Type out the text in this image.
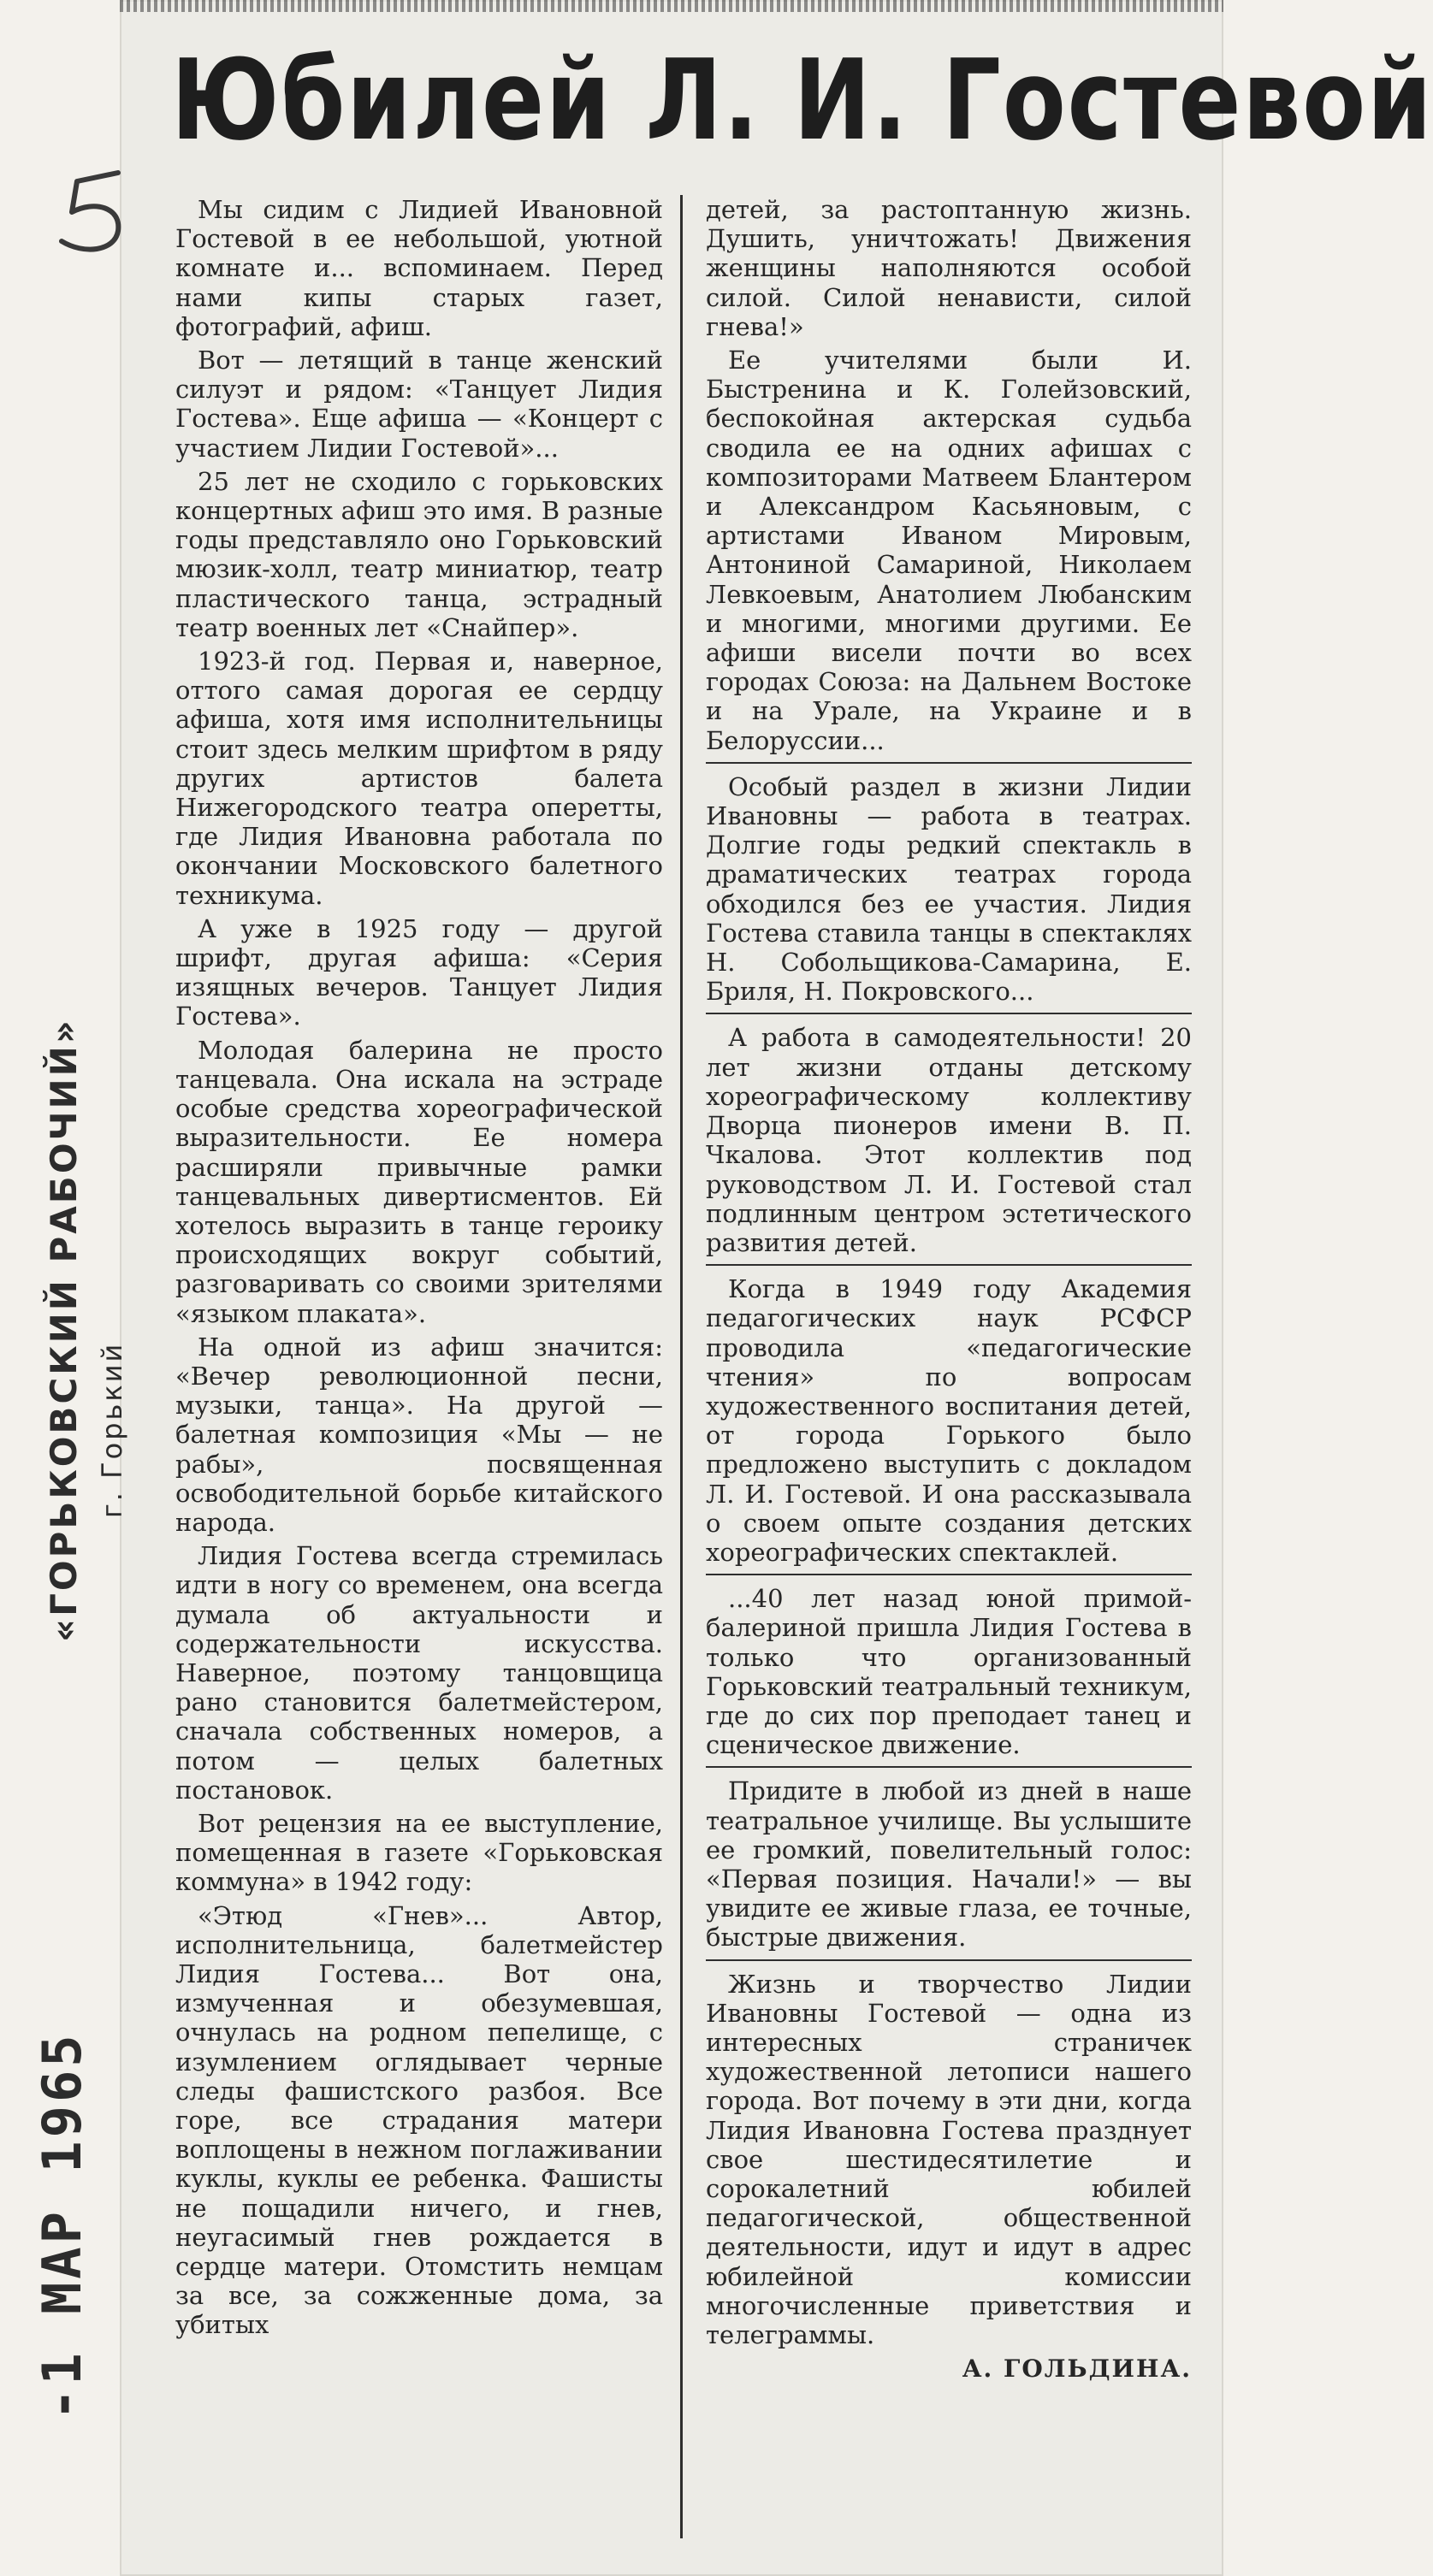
Юбилей Л. И. Гостевой
«ГОРЬКОВСКИЙ РАБОЧИЙ» г. Горький
-1 МАР 1965

Мы сидим с Лидией Ивановной Гостевой в ее небольшой, уютной комнате и... вспоминаем. Перед нами кипы старых газет, фотографий, афиш.

Вот — летящий в танце женский силуэт и рядом: «Танцует Лидия Гостева». Еще афиша — «Концерт с участием Лидии Гостевой»...

25 лет не сходило с горьковских концертных афиш это имя. В разные годы представляло оно Горьковский мюзик-холл, театр миниатюр, театр пластического танца, эстрадный театр военных лет «Снайпер».

1923-й год. Первая и, наверное, оттого самая дорогая ее сердцу афиша, хотя имя исполнительницы стоит здесь мелким шрифтом в ряду других артистов балета Нижегородского театра оперетты, где Лидия Ивановна работала по окончании Московского балетного техникума.

А уже в 1925 году — другой шрифт, другая афиша: «Серия изящных вечеров. Танцует Лидия Гостева».

Молодая балерина не просто танцевала. Она искала на эстраде особые средства хореографической выразительности. Ее номера расширяли привычные рамки танцевальных дивертисментов. Ей хотелось выразить в танце героику происходящих вокруг событий, разговаривать со своими зрителями «языком плаката».

На одной из афиш значится: «Вечер революционной песни, музыки, танца». На другой — балетная композиция «Мы — не рабы», посвященная освободительной борьбе китайского народа.

Лидия Гостева всегда стремилась идти в ногу со временем, она всегда думала об актуальности и содержательности искусства. Наверное, поэтому танцовщица рано становится балетмейстером, сначала собственных номеров, а потом — целых балетных постановок.

Вот рецензия на ее выступление, помещенная в газете «Горьковская коммуна» в 1942 году:

«Этюд «Гнев»... Автор, исполнительница, балетмейстер Лидия Гостева... Вот она, измученная и обезумевшая, очнулась на родном пепелище, с изумлением оглядывает черные следы фашистского разбоя. Все горе, все страдания матери воплощены в нежном поглаживании куклы, куклы ее ребенка. Фашисты не пощадили ничего, и гнев, неугасимый гнев рождается в сердце матери. Отомстить немцам за все, за сожженные дома, за убитых

детей, за растоптанную жизнь. Душить, уничтожать! Движения женщины наполняются особой силой. Силой ненависти, силой гнева!»

Ее учителями были И. Быстренина и К. Голейзовский, беспокойная актерская судьба сводила ее на одних афишах с композиторами Матвеем Блантером и Александром Касьяновым, с артистами Иваном Мировым, Антониной Самариной, Николаем Левкоевым, Анатолием Любанским и многими, многими другими. Ее афиши висели почти во всех городах Союза: на Дальнем Востоке и на Урале, на Украине и в Белоруссии...

Особый раздел в жизни Лидии Ивановны — работа в театрах. Долгие годы редкий спектакль в драматических театрах города обходился без ее участия. Лидия Гостева ставила танцы в спектаклях Н. Собольщикова-Самарина, Е. Бриля, Н. Покровского...

А работа в самодеятельности! 20 лет жизни отданы детскому хореографическому коллективу Дворца пионеров имени В. П. Чкалова. Этот коллектив под руководством Л. И. Гостевой стал подлинным центром эстетического развития детей.

Когда в 1949 году Академия педагогических наук РСФСР проводила «педагогические чтения» по вопросам художественного воспитания детей, от города Горького было предложено выступить с докладом Л. И. Гостевой. И она рассказывала о своем опыте создания детских хореографических спектаклей.

...40 лет назад юной примой-балериной пришла Лидия Гостева в только что организованный Горьковский театральный техникум, где до сих пор преподает танец и сценическое движение.

Придите в любой из дней в наше театральное училище. Вы услышите ее громкий, повелительный голос: «Первая позиция. Начали!» — вы увидите ее живые глаза, ее точные, быстрые движения.

Жизнь и творчество Лидии Ивановны Гостевой — одна из интересных страничек художественной летописи нашего города. Вот почему в эти дни, когда Лидия Ивановна Гостева празднует свое шестидесятилетие и сорокалетний юбилей педагогической, общественной деятельности, идут и идут в адрес юбилейной комиссии многочисленные приветствия и телеграммы.

А. ГОЛЬДИНА.
